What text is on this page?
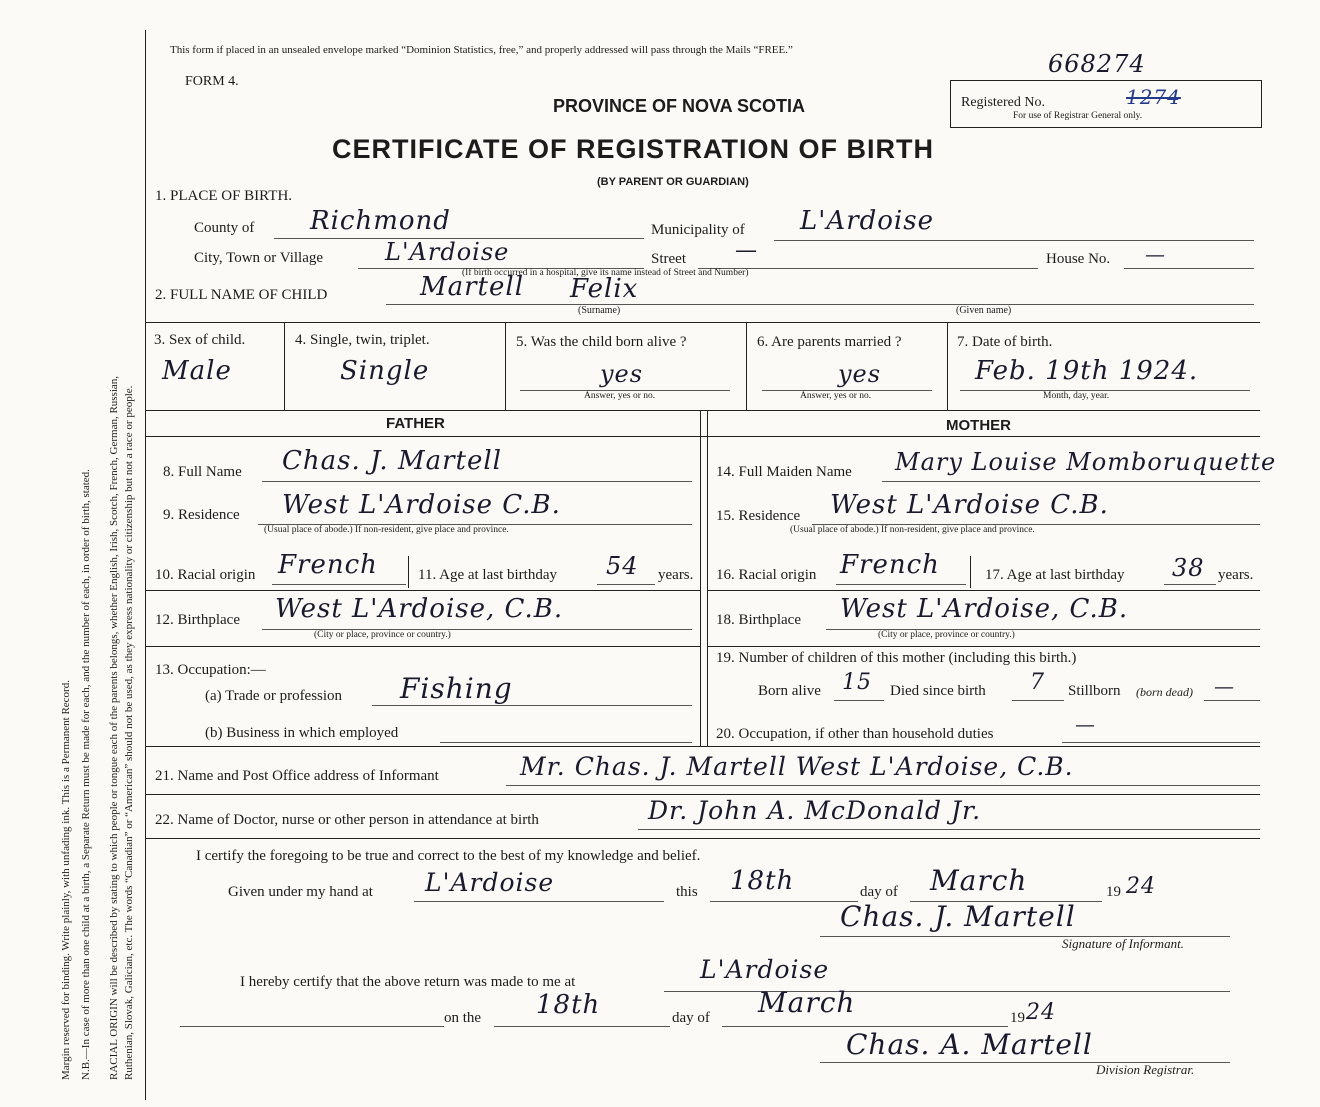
Margin reserved for binding. Write plainly, with unfading ink. This is a Permanent Record. N.B.—In case of more than one child at a birth, a Separate Return must be made for each, and the number of each, in order of birth, stated. RACIAL ORIGIN will be described by stating to which people or tongue each of the parents belongs, whether English, Irish, Scotch, French, German, Russian, Ruthenian, Slovak, Galician, etc. The words “Canadian” or “American” should not be used, as they express nationality or citizenship but not a race or people.
This form if placed in an unsealed envelope marked “Dominion Statistics, free,” and properly addressed will pass through the Mails “FREE.”
FORM 4.
PROVINCE OF NOVA SCOTIA
CERTIFICATE OF REGISTRATION OF BIRTH
(BY PARENT OR GUARDIAN)
668274
Registered No.	1274
For use of Registrar General only.
1. PLACE OF BIRTH.
County of Richmond	Municipality of L'Ardoise
City, Town or Village	L'Ardoise	Street —	House No. —
(If birth occurred in a hospital, give its name instead of Street and Number)
2. FULL NAME OF CHILD	Martell Felix
(Surname)	(Given name)
3. Sex of child.
Male
4. Single, twin, triplet.
Single
5. Was the child born alive ?
yes
Answer, yes or no.
6. Are parents married ?
yes
Answer, yes or no.
7. Date of birth.
Feb. 19th 1924.
Month, day, year.
FATHER	MOTHER
8. Full Name Chas. J. Martell
9. Residence West L'Ardoise C.B.
(Usual place of abode.) If non-resident, give place and province.
10. Racial origin French	11. Age at last birthday 54 years.
12. Birthplace West L'Ardoise, C.B.
(City or place, province or country.)
13. Occupation:—
(a) Trade or profession Fishing
(b) Business in which employed
14. Full Maiden Name Mary Louise Momboruquette
15. Residence West L'Ardoise C.B.
(Usual place of abode.) If non-resident, give place and province.
16. Racial origin French	17. Age at last birthday 38 years.
18. Birthplace West L'Ardoise, C.B.
(City or place, province or country.)
19. Number of children of this mother (including this birth.)
Born alive 15 Died since birth 7 Stillborn (born dead) —
20. Occupation, if other than household duties	—
21. Name and Post Office address of Informant	Mr. Chas. J. Martell West L'Ardoise, C.B.
22. Name of Doctor, nurse or other person in attendance at birth	Dr. John A. McDonald Jr.
I certify the foregoing to be true and correct to the best of my knowledge and belief.
Given under my hand at L'Ardoise	this 18th	day of March	19 24
Chas. J. Martell
Signature of Informant.
I hereby certify that the above return was made to me at	L'Ardoise
on the 18th	day of March	19 24
Chas. A. Martell
Division Registrar.
